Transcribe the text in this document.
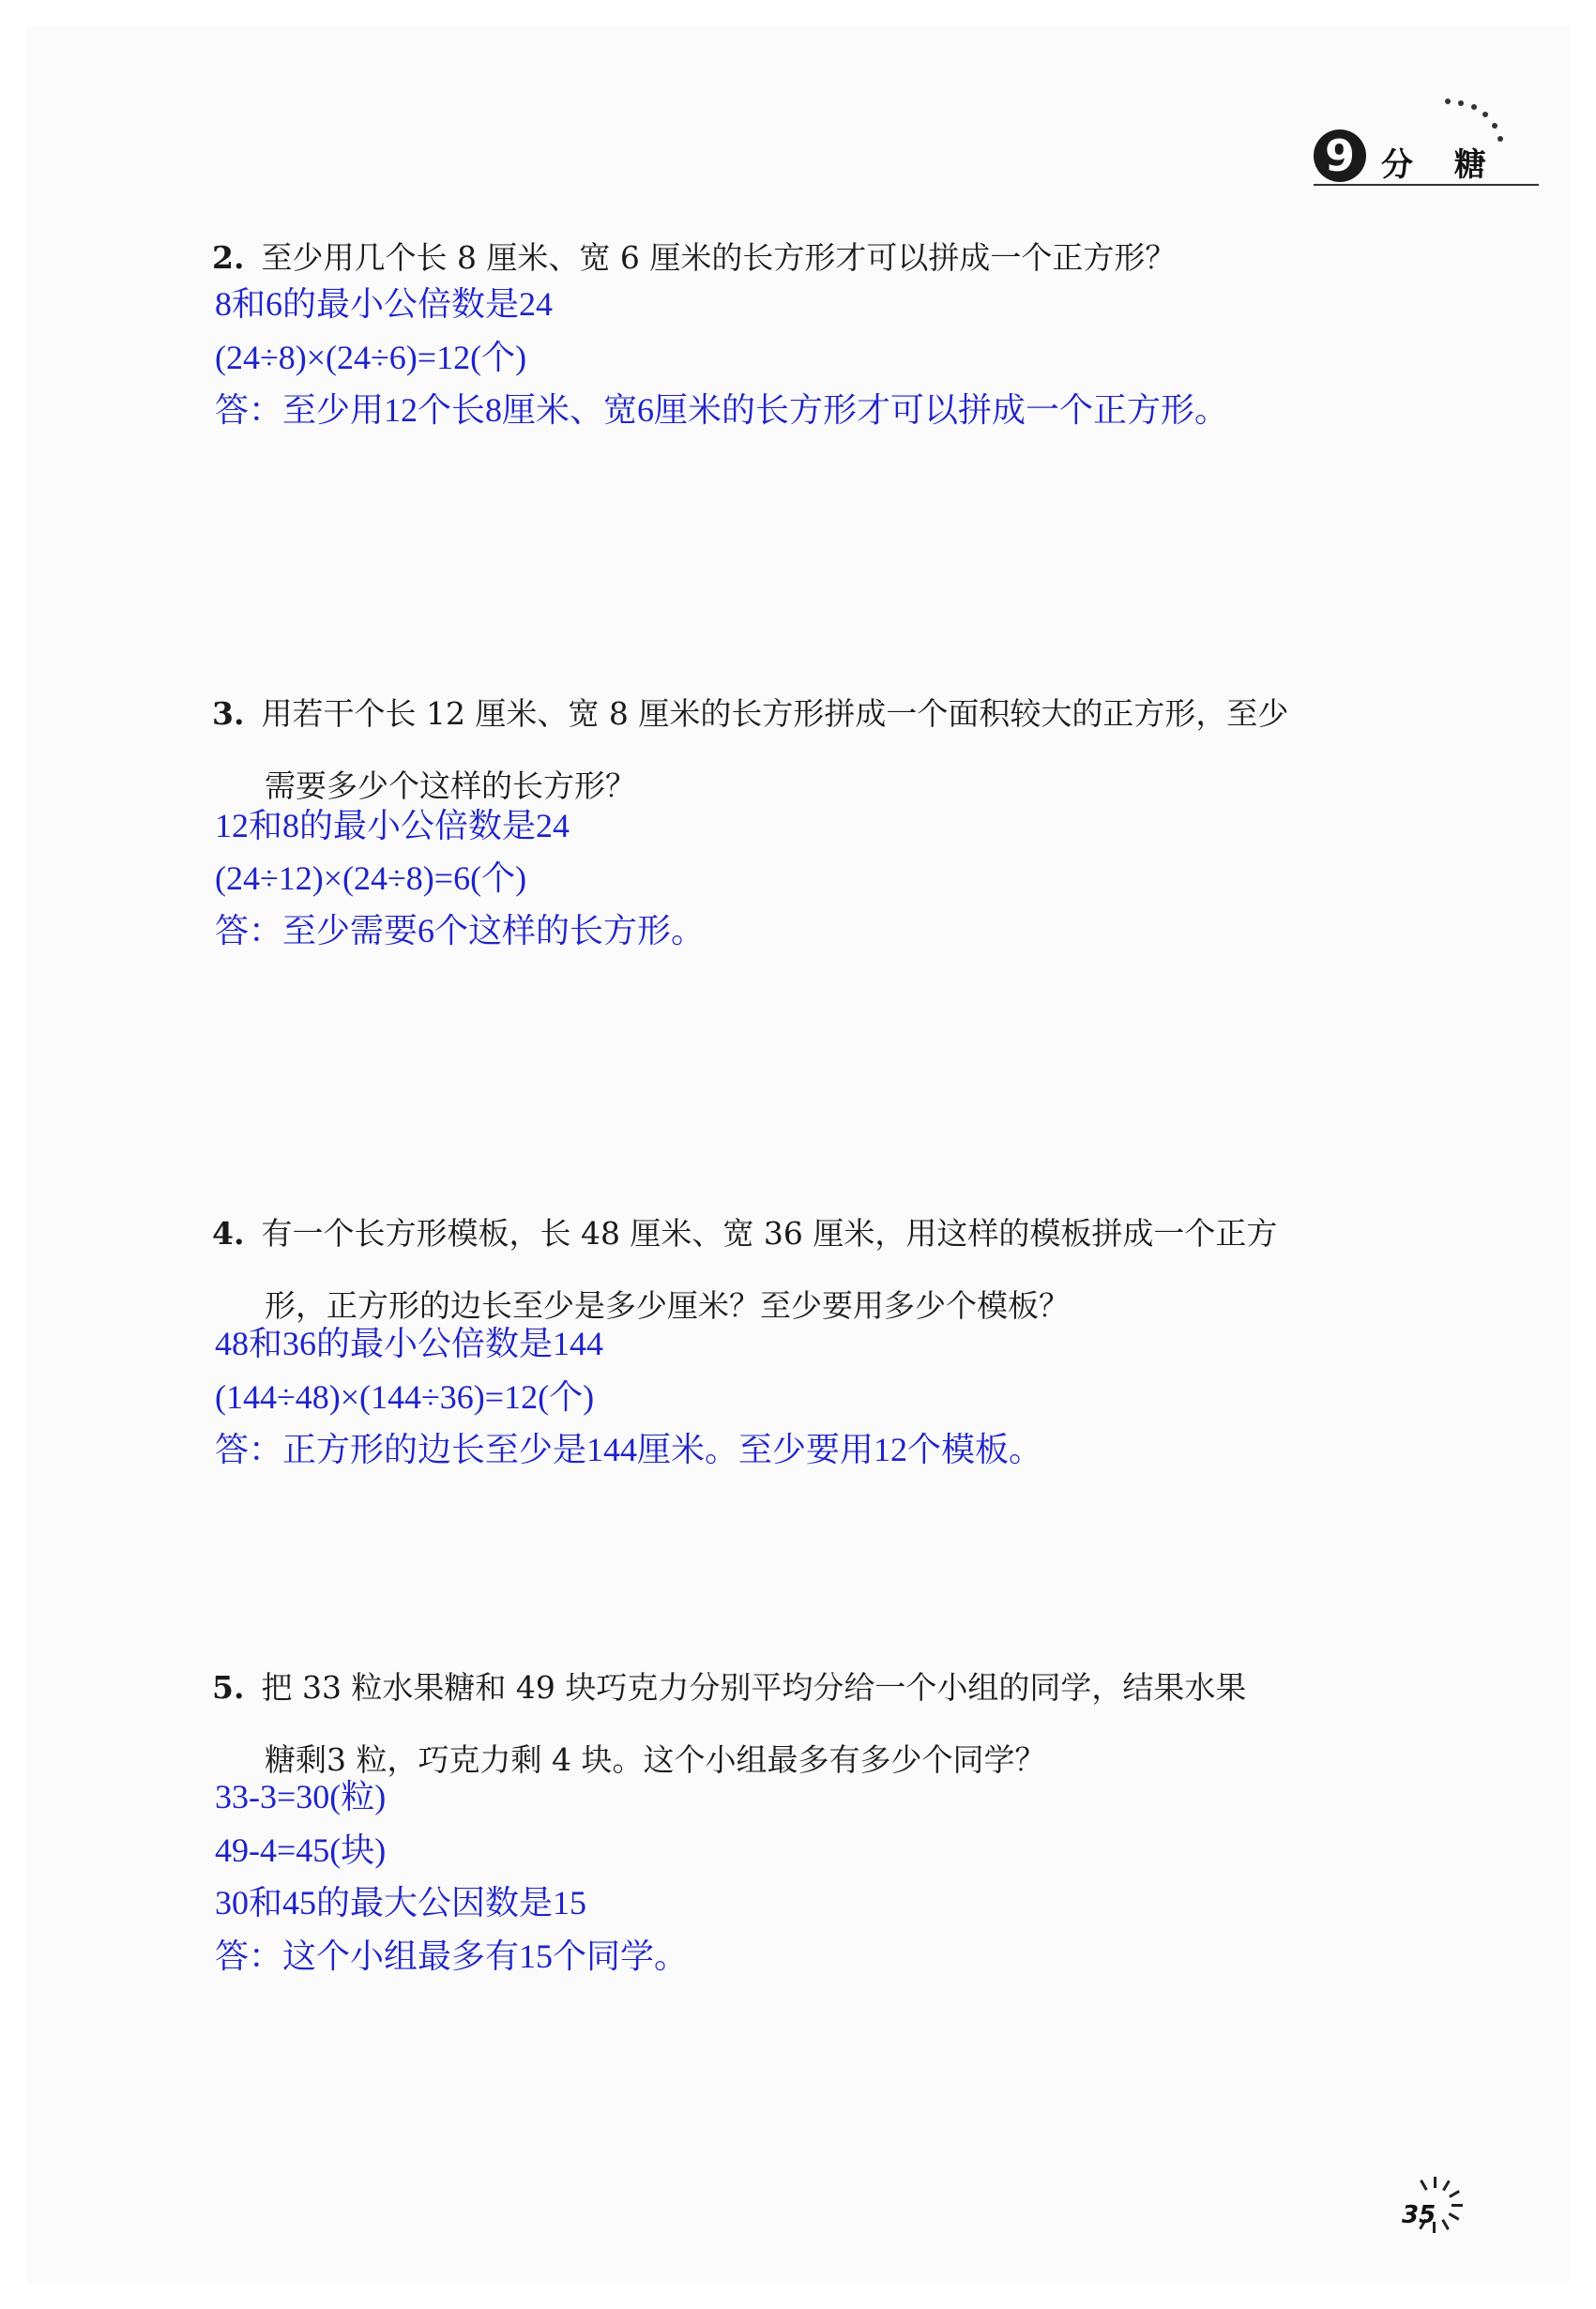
9 分 糖
2. 至少用几个长 8 厘米、宽 6 厘米的长方形才可以拼成一个正方形？
8和6的最小公倍数是24
(24÷8)×(24÷6)=12(个)
答：至少用12个长8厘米、宽6厘米的长方形才可以拼成一个正方形。
3. 用若干个长 12 厘米、宽 8 厘米的长方形拼成一个面积较大的正方形，至少
需要多少个这样的长方形？
12和8的最小公倍数是24
(24÷12)×(24÷8)=6(个)
答：至少需要6个这样的长方形。
4. 有一个长方形模板，长 48 厘米、宽 36 厘米，用这样的模板拼成一个正方
形，正方形的边长至少是多少厘米？至少要用多少个模板？
48和36的最小公倍数是144
(144÷48)×(144÷36)=12(个)
答：正方形的边长至少是144厘米。至少要用12个模板。
5. 把 33 粒水果糖和 49 块巧克力分别平均分给一个小组的同学，结果水果
糖剩3 粒，巧克力剩 4 块。这个小组最多有多少个同学？
33-3=30(粒)
49-4=45(块)
30和45的最大公因数是15
答：这个小组最多有15个同学。
35
